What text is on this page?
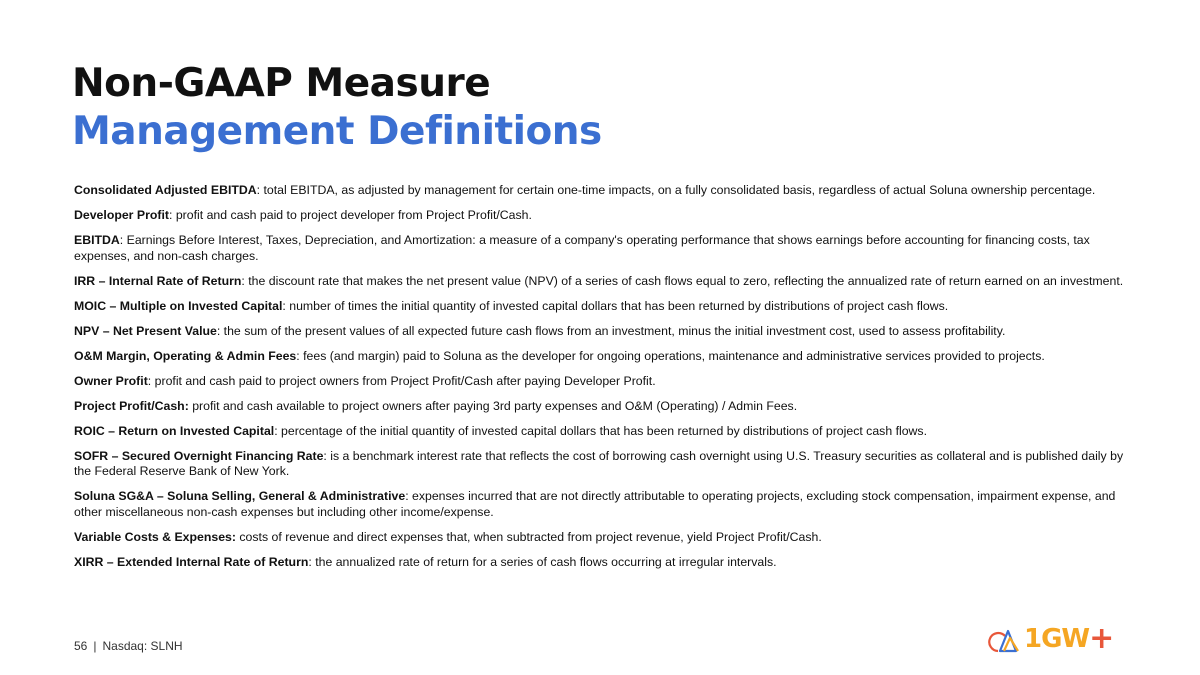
Non-GAAP Measure
Management Definitions

Consolidated Adjusted EBITDA: total EBITDA, as adjusted by management for certain one-time impacts, on a fully consolidated basis, regardless of actual Soluna ownership percentage.

Developer Profit: profit and cash paid to project developer from Project Profit/Cash.

EBITDA: Earnings Before Interest, Taxes, Depreciation, and Amortization: a measure of a company's operating performance that shows earnings before accounting for financing costs, tax expenses, and non-cash charges.

IRR – Internal Rate of Return: the discount rate that makes the net present value (NPV) of a series of cash flows equal to zero, reflecting the annualized rate of return earned on an investment.

MOIC – Multiple on Invested Capital: number of times the initial quantity of invested capital dollars that has been returned by distributions of project cash flows.

NPV – Net Present Value: the sum of the present values of all expected future cash flows from an investment, minus the initial investment cost, used to assess profitability.

O&M Margin, Operating & Admin Fees: fees (and margin) paid to Soluna as the developer for ongoing operations, maintenance and administrative services provided to projects.

Owner Profit: profit and cash paid to project owners from Project Profit/Cash after paying Developer Profit.

Project Profit/Cash: profit and cash available to project owners after paying 3rd party expenses and O&M (Operating) / Admin Fees.

ROIC – Return on Invested Capital: percentage of the initial quantity of invested capital dollars that has been returned by distributions of project cash flows.

SOFR – Secured Overnight Financing Rate: is a benchmark interest rate that reflects the cost of borrowing cash overnight using U.S. Treasury securities as collateral and is published daily by the Federal Reserve Bank of New York.

Soluna SG&A – Soluna Selling, General & Administrative: expenses incurred that are not directly attributable to operating projects, excluding stock compensation, impairment expense, and other miscellaneous non-cash expenses but including other income/expense.

Variable Costs & Expenses: costs of revenue and direct expenses that, when subtracted from project revenue, yield Project Profit/Cash.

XIRR – Extended Internal Rate of Return: the annualized rate of return for a series of cash flows occurring at irregular intervals.

56 | Nasdaq: SLNH	1GW +
